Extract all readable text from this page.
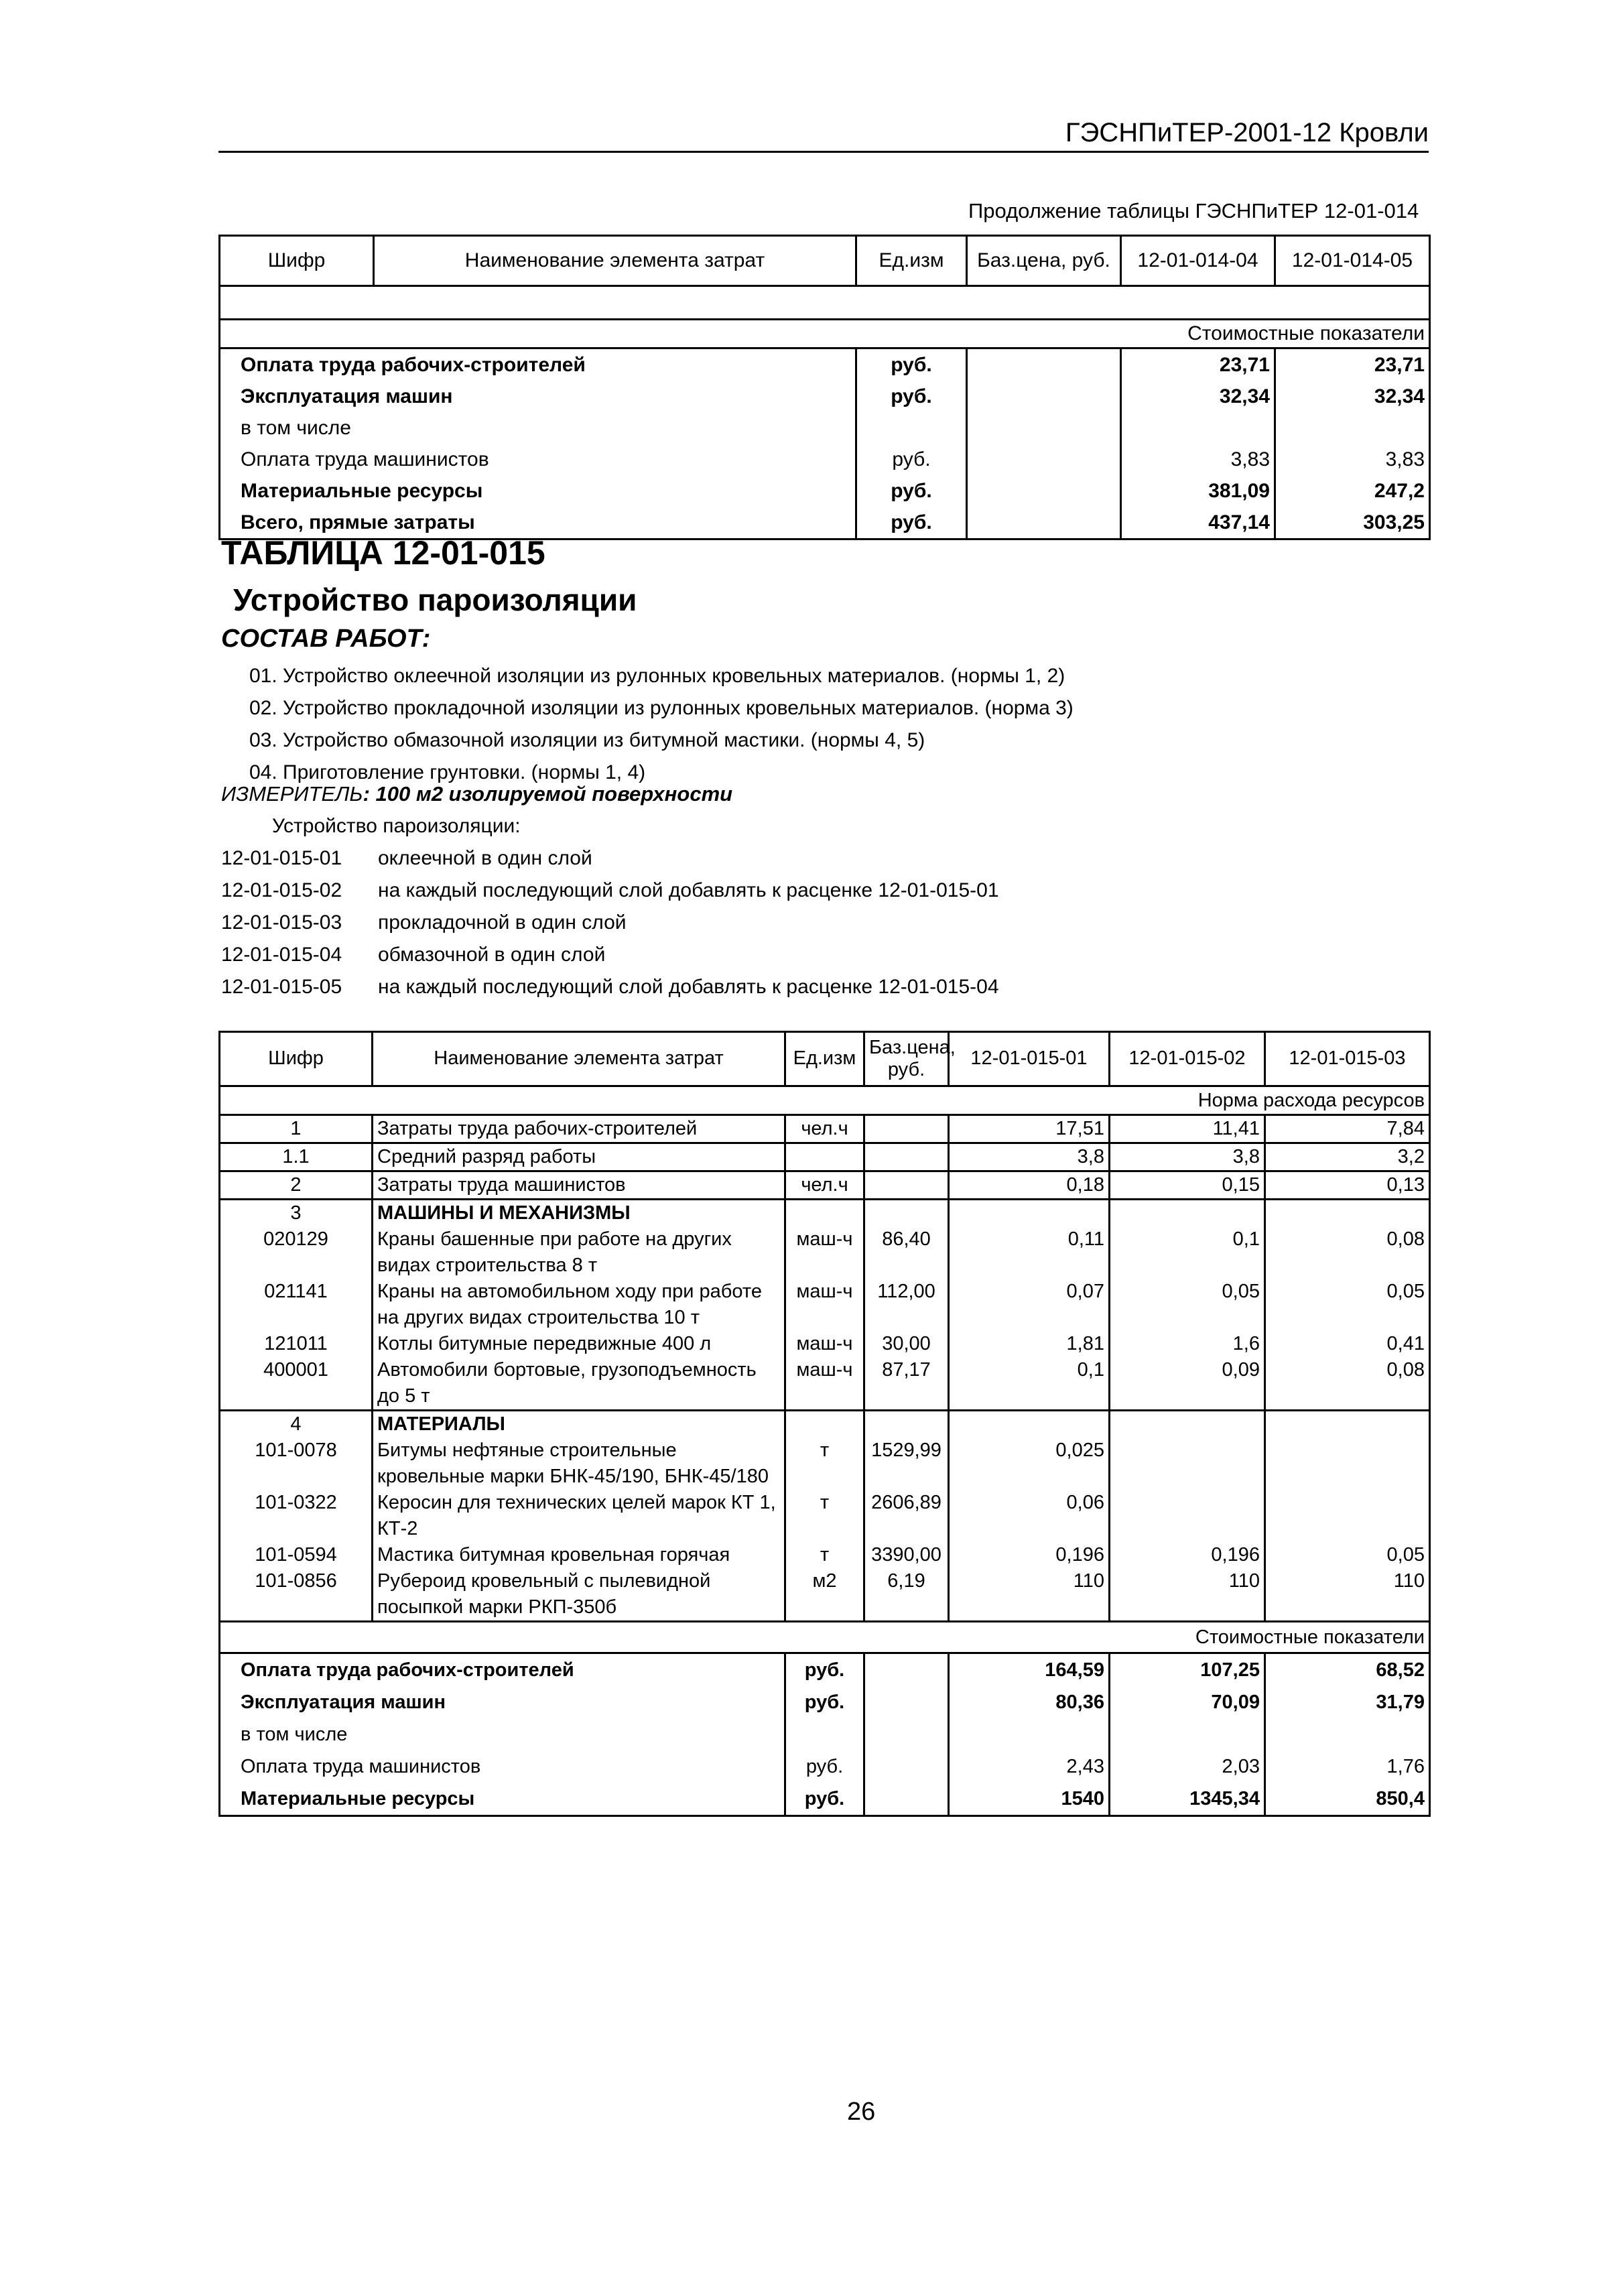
ГЭСНПиТЕР-2001-12 Кровли
Продолжение таблицы ГЭСНПиТЕР 12-01-014
Шифр	Наименование элемента затрат	Ед.изм	Баз.цена, руб.	12-01-014-04	12-01-014-05

Стоимостные показатели					
Оплата труда рабочих-строителей		руб.		23,71	23,71
Эксплуатация машин		руб.		32,34	32,34
в том числе					
Оплата труда машинистов		руб.		3,83	3,83
Материальные ресурсы		руб.		381,09	247,2
Всего, прямые затраты		руб.		437,14	303,25
ТАБЛИЦА 12-01-015
Устройство пароизоляции
СОСТАВ РАБОТ:
01. Устройство оклеечной изоляции из рулонных кровельных материалов. (нормы 1, 2)
02. Устройство прокладочной изоляции из рулонных кровельных материалов. (норма 3)
03. Устройство обмазочной изоляции из битумной мастики. (нормы 4, 5)
04. Приготовление грунтовки. (нормы 1, 4)
ИЗМЕРИТЕЛЬ: 100 м2 изолируемой поверхности
Устройство пароизоляции:
12-01-015-01 оклеечной в один слой
12-01-015-02 на каждый последующий слой добавлять к расценке 12-01-015-01
12-01-015-03 прокладочной в один слой
12-01-015-04 обмазочной в один слой
12-01-015-05 на каждый последующий слой добавлять к расценке 12-01-015-04
Шифр	Наименование элемента затрат	Ед.изм	Баз.цена, руб.	12-01-015-01	12-01-015-02	12-01-015-03
Норма расхода ресурсов						
1	Затраты труда рабочих-строителей	чел.ч		17,51	11,41	7,84
1.1	Средний разряд работы			3,8	3,8	3,2
2	Затраты труда машинистов	чел.ч		0,18	0,15	0,13
3	МАШИНЫ И МЕХАНИЗМЫ					
020129	Краны башенные при работе на других видах строительства 8 т	маш-ч	86,40	0,11	0,1	0,08
021141	Краны на автомобильном ходу при работе на других видах строительства 10 т	маш-ч	112,00	0,07	0,05	0,05
121011	Котлы битумные передвижные 400 л	маш-ч	30,00	1,81	1,6	0,41
400001	Автомобили бортовые, грузоподъемность до 5 т	маш-ч	87,17	0,1	0,09	0,08
4	МАТЕРИАЛЫ					
101-0078	Битумы нефтяные строительные кровельные марки БНК-45/190, БНК-45/180	т	1529,99	0,025		
101-0322	Керосин для технических целей марок КТ 1, КТ-2	т	2606,89	0,06		
101-0594	Мастика битумная кровельная горячая	т	3390,00	0,196	0,196	0,05
101-0856	Рубероид кровельный с пылевидной посыпкой марки РКП-350б	м2	6,19	110	110	110
Стоимостные показатели						
Оплата труда рабочих-строителей		руб.		164,59	107,25	68,52
Эксплуатация машин		руб.		80,36	70,09	31,79
в том числе						
Оплата труда машинистов		руб.		2,43	2,03	1,76
Материальные ресурсы		руб.		1540	1345,34	850,4
26
